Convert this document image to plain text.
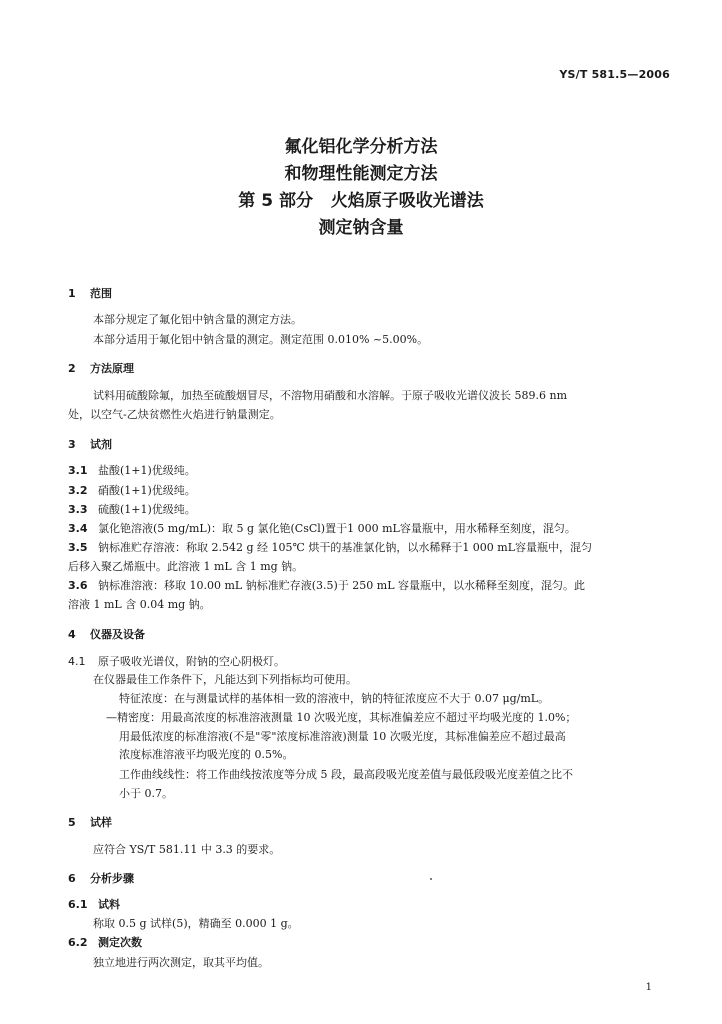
YS/T 581.5—2006
氟化铝化学分析方法
和物理性能测定方法
第 5 部分   火焰原子吸收光谱法
测定钠含量
1 范围
本部分规定了氟化铝中钠含量的测定方法。
本部分适用于氟化铝中钠含量的测定。测定范围 0.010% ~5.00%。
2 方法原理
试料用硫酸除氟，加热至硫酸烟冒尽，不溶物用硝酸和水溶解。于原子吸收光谱仪波长 589.6 nm
处，以空气-乙炔贫燃性火焰进行钠量测定。
3 试剂
3.1 盐酸(1+1)优级纯。
3.2 硝酸(1+1)优级纯。
3.3 硫酸(1+1)优级纯。
3.4 氯化铯溶液(5 mg/mL)：取 5 g 氯化铯(CsCl)置于1 000 mL容量瓶中，用水稀释至刻度，混匀。
3.5 钠标准贮存溶液：称取 2.542 g 经 105℃ 烘干的基准氯化钠，以水稀释于1 000 mL容量瓶中，混匀
后移入聚乙烯瓶中。此溶液 1 mL 含 1 mg 钠。
3.6 钠标准溶液：移取 10.00 mL 钠标准贮存液(3.5)于 250 mL 容量瓶中，以水稀释至刻度，混匀。此
溶液 1 mL 含 0.04 mg 钠。
4 仪器及设备
4.1 原子吸收光谱仪，附钠的空心阴极灯。
在仪器最佳工作条件下，凡能达到下列指标均可使用。
特征浓度：在与测量试样的基体相一致的溶液中，钠的特征浓度应不大于 0.07 μg/mL。
—精密度：用最高浓度的标准溶液测量 10 次吸光度，其标准偏差应不超过平均吸光度的 1.0%；
用最低浓度的标准溶液(不是"零"浓度标准溶液)测量 10 次吸光度，其标准偏差应不超过最高
浓度标准溶液平均吸光度的 0.5%。
工作曲线线性：将工作曲线按浓度等分成 5 段，最高段吸光度差值与最低段吸光度差值之比不
小于 0.7。
5 试样
应符合 YS/T 581.11 中 3.3 的要求。
6 分析步骤
6.1 试料
称取 0.5 g 试样(5)，精确至 0.000 1 g。
6.2 测定次数
独立地进行两次测定，取其平均值。
1
